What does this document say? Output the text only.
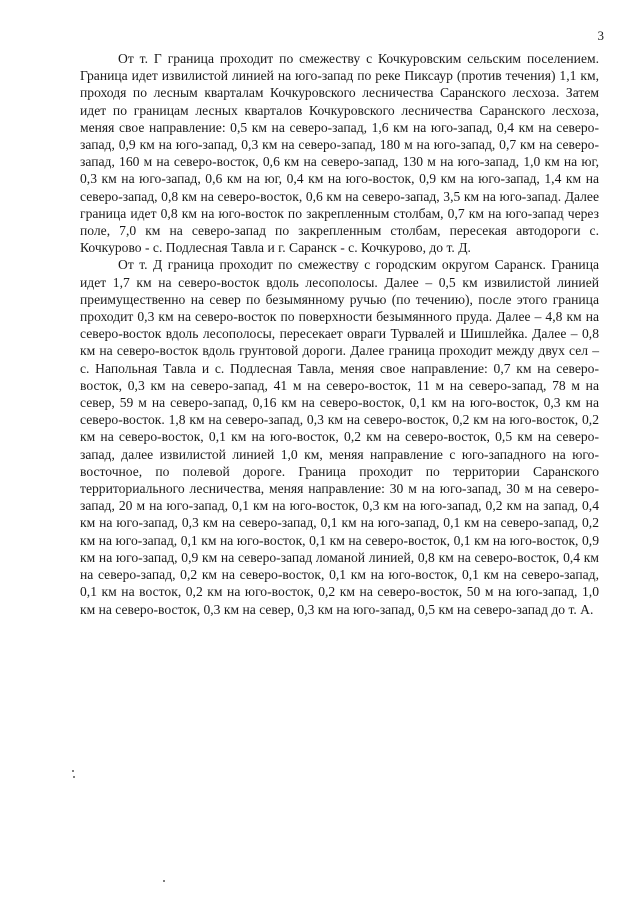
3

От т. Г граница проходит по смежеству с Кочкуровским сельским поселением. Граница идет извилистой линией на юго-запад по реке Пиксаур (против течения) 1,1 км, проходя по лесным кварталам Кочкуровского лесничества Саранского лесхоза. Затем идет по границам лесных кварталов Кочкуровского лесничества Саранского лесхоза, меняя свое направление: 0,5 км на северо-запад, 1,6 км на юго-запад, 0,4 км на северо-запад, 0,9 км на юго-запад, 0,3 км на северо-запад, 180 м на юго-запад, 0,7 км на северо-запад, 160 м на северо-восток, 0,6 км на северо-запад, 130 м на юго-запад, 1,0 км на юг, 0,3 км на юго-запад, 0,6 км на юг, 0,4 км на юго-восток, 0,9 км на юго-запад, 1,4 км на северо-запад, 0,8 км на северо-восток, 0,6 км на северо-запад, 3,5 км на юго-запад. Далее граница идет 0,8 км на юго-восток по закрепленным столбам, 0,7 км на юго-запад через поле, 7,0 км на северо-запад по закрепленным столбам, пересекая автодороги с. Кочкурово - с. Подлесная Тавла и г. Саранск - с. Кочкурово, до т. Д.

От т. Д граница проходит по смежеству с городским округом Саранск. Граница идет 1,7 км на северо-восток вдоль лесополосы. Далее – 0,5 км извилистой линией преимущественно на север по безымянному ручью (по течению), после этого граница проходит 0,3 км на северо-восток по поверхности безымянного пруда. Далее – 4,8 км на северо-восток вдоль лесополосы, пересекает овраги Турвалей и Шишлейка. Далее – 0,8 км на северо-восток вдоль грунтовой дороги. Далее граница проходит между двух сел – с. Напольная Тавла и с. Подлесная Тавла, меняя свое направление: 0,7 км на северо-восток, 0,3 км на северо-запад, 41 м на северо-восток, 11 м на северо-запад, 78 м на север, 59 м на северо-запад, 0,16 км на северо-восток, 0,1 км на юго-восток, 0,3 км на северо-восток. 1,8 км на северо-запад, 0,3 км на северо-восток, 0,2 км на юго-восток, 0,2 км на северо-восток, 0,1 км на юго-восток, 0,2 км на северо-восток, 0,5 км на северо-запад, далее извилистой линией 1,0 км, меняя направление с юго-западного на юго-восточное, по полевой дороге. Граница проходит по территории Саранского территориального лесничества, меняя направление: 30 м на юго-запад, 30 м на северо-запад, 20 м на юго-запад, 0,1 км на юго-восток, 0,3 км на юго-запад, 0,2 км на запад, 0,4 км на юго-запад, 0,3 км на северо-запад, 0,1 км на юго-запад, 0,1 км на северо-запад, 0,2 км на юго-запад, 0,1 км на юго-восток, 0,1 км на северо-восток, 0,1 км на юго-восток, 0,9 км на юго-запад, 0,9 км на северо-запад ломаной линией, 0,8 км на северо-восток, 0,4 км на северо-запад, 0,2 км на северо-восток, 0,1 км на юго-восток, 0,1 км на северо-запад, 0,1 км на восток, 0,2 км на юго-восток, 0,2 км на северо-восток, 50 м на юго-запад, 1,0 км на северо-восток, 0,3 км на север, 0,3 км на юго-запад, 0,5 км на северо-запад до т. А.
